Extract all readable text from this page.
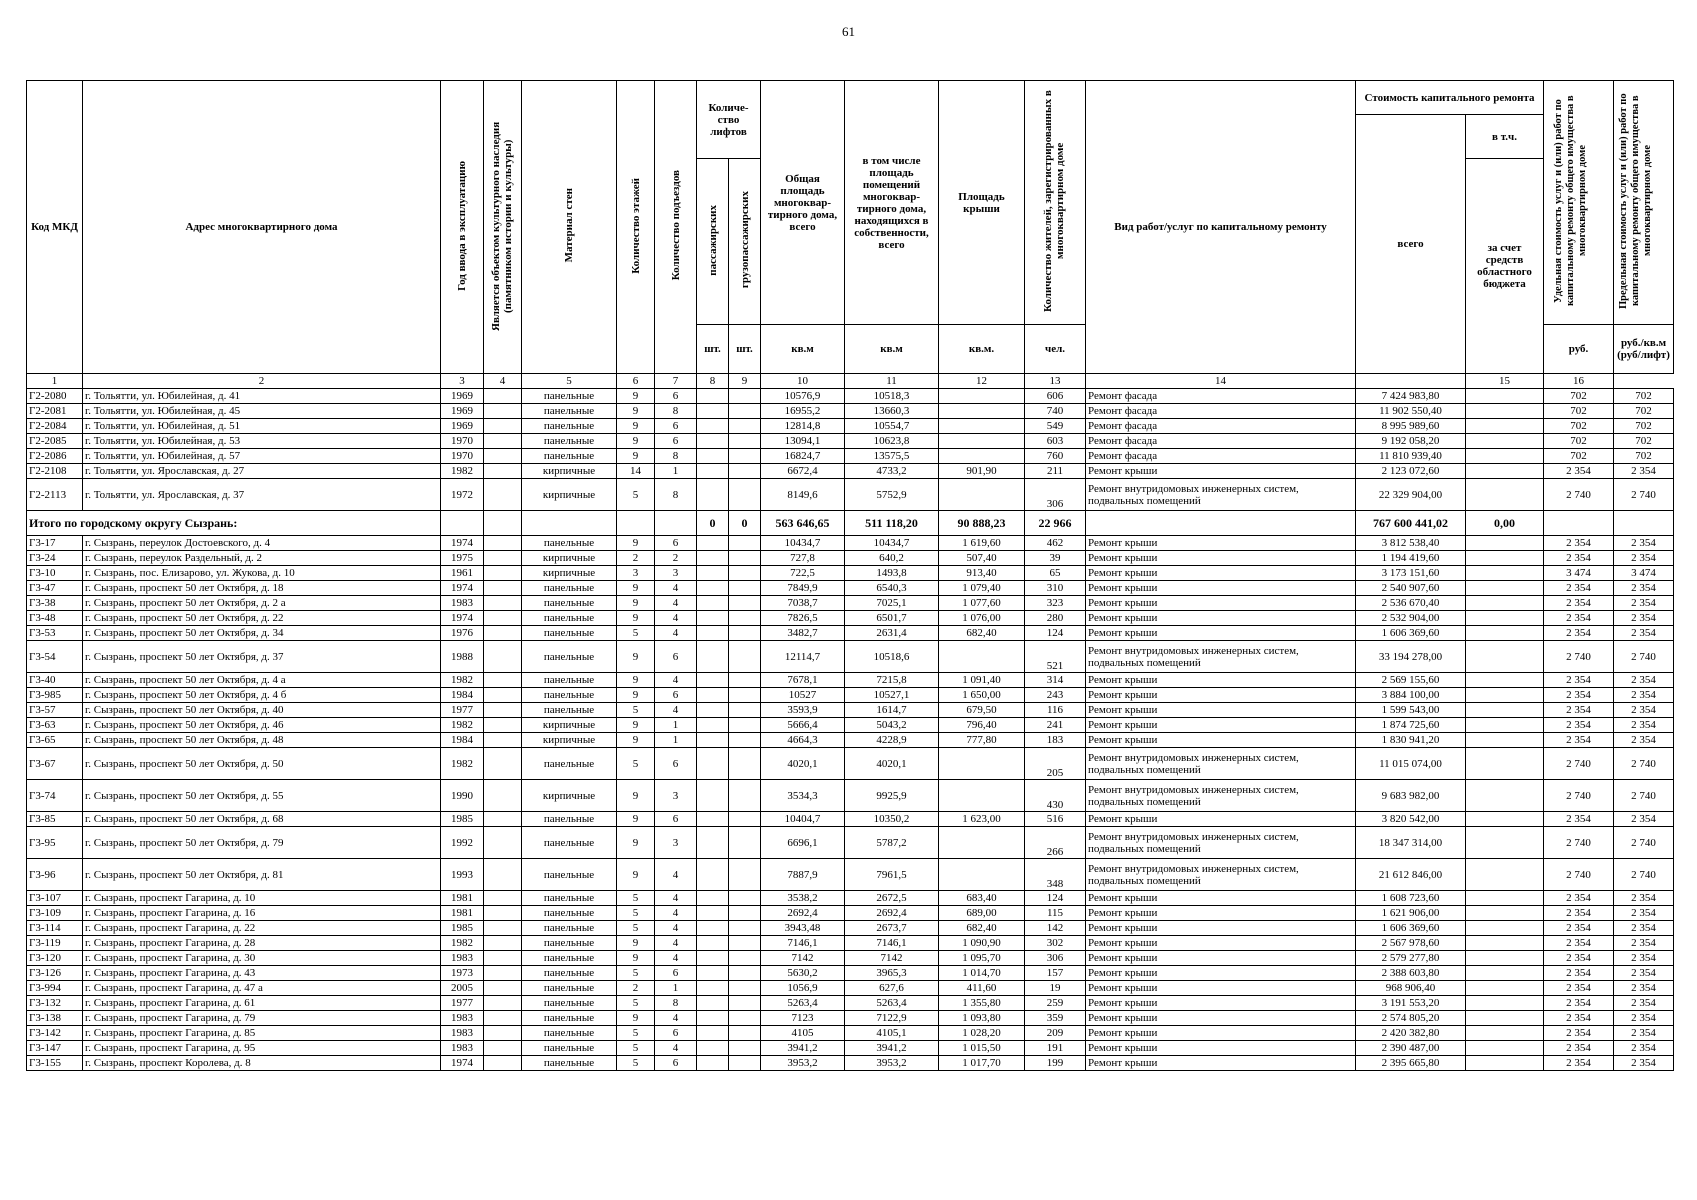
61
Код МКД	Адрес многоквартирного дома	Год ввода в эксплуатацию	Является объектом культурного наследия (памятником истории и культуры)	Материал стен	Количество этажей	Количество подъездов	Количе-ство лифтов		Общая площадь многоквар-тирного дома, всего	в том числе площадь помещений многоквар-тирного дома, находящихся в собственности, всего	Площадь крыши	Количество жителей, зарегистрированных в многоквартирном доме	Вид работ/услуг по капитальному ремонту	Стоимость капитального ремонта		Удельная стоимость услуг и (или) работ по капитальному ремонту общего имущества в многоквартирном доме	Предельная стоимость услуг и (или) работ по капитальному ремонту общего имущества в многоквартирном доме	
														всего	в т.ч.			
							пассажирских	грузопассажирских							за счет средств областного бюджета			
							шт.	шт.	кв.м	кв.м	кв.м.	чел.				руб.	руб./кв.м (руб/лифт)	
1	2	3	4	5	6	7	8	9	10	11	12	13	14		15	16		
Г2-2080	г. Тольятти, ул. Юбилейная, д. 41	1969		панельные	9	6			10576,9	10518,3		606	Ремонт фасада	7 424 983,80		702	702	
Г2-2081	г. Тольятти, ул. Юбилейная, д. 45	1969		панельные	9	8			16955,2	13660,3		740	Ремонт фасада	11 902 550,40		702	702	
Г2-2084	г. Тольятти, ул. Юбилейная, д. 51	1969		панельные	9	6			12814,8	10554,7		549	Ремонт фасада	8 995 989,60		702	702	
Г2-2085	г. Тольятти, ул. Юбилейная, д. 53	1970		панельные	9	6			13094,1	10623,8		603	Ремонт фасада	9 192 058,20		702	702	
Г2-2086	г. Тольятти, ул. Юбилейная, д. 57	1970		панельные	9	8			16824,7	13575,5		760	Ремонт фасада	11 810 939,40		702	702	
Г2-2108	г. Тольятти, ул. Ярославская, д. 27	1982		кирпичные	14	1			6672,4	4733,2	901,90	211	Ремонт крыши	2 123 072,60		2 354	2 354	
Г2-2113	г. Тольятти, ул. Ярославская, д. 37	1972		кирпичные	5	8			8149,6	5752,9		306	Ремонт внутридомовых инженерных систем, подвальных помещений	22 329 904,00		2 740	2 740	
Итого по городскому округу Сызрань:							0	0	563 646,65	511 118,20	90 888,23	22 966		767 600 441,02	0,00			
Г3-17	г. Сызрань, переулок Достоевского, д. 4	1974		панельные	9	6			10434,7	10434,7	1 619,60	462	Ремонт крыши	3 812 538,40		2 354	2 354	
Г3-24	г. Сызрань, переулок Раздельный, д. 2	1975		кирпичные	2	2			727,8	640,2	507,40	39	Ремонт крыши	1 194 419,60		2 354	2 354	
Г3-10	г. Сызрань, пос. Елизарово, ул. Жукова, д. 10	1961		кирпичные	3	3			722,5	1493,8	913,40	65	Ремонт крыши	3 173 151,60		3 474	3 474	
Г3-47	г. Сызрань, проспект 50 лет Октября, д. 18	1974		панельные	9	4			7849,9	6540,3	1 079,40	310	Ремонт крыши	2 540 907,60		2 354	2 354	
Г3-38	г. Сызрань, проспект 50 лет Октября, д. 2 а	1983		панельные	9	4			7038,7	7025,1	1 077,60	323	Ремонт крыши	2 536 670,40		2 354	2 354	
Г3-48	г. Сызрань, проспект 50 лет Октября, д. 22	1974		панельные	9	4			7826,5	6501,7	1 076,00	280	Ремонт крыши	2 532 904,00		2 354	2 354	
Г3-53	г. Сызрань, проспект 50 лет Октября, д. 34	1976		панельные	5	4			3482,7	2631,4	682,40	124	Ремонт крыши	1 606 369,60		2 354	2 354	
Г3-54	г. Сызрань, проспект 50 лет Октября, д. 37	1988		панельные	9	6			12114,7	10518,6		521	Ремонт внутридомовых инженерных систем, подвальных помещений	33 194 278,00		2 740	2 740	
Г3-40	г. Сызрань, проспект 50 лет Октября, д. 4 а	1982		панельные	9	4			7678,1	7215,8	1 091,40	314	Ремонт крыши	2 569 155,60		2 354	2 354	
Г3-985	г. Сызрань, проспект 50 лет Октября, д. 4 б	1984		панельные	9	6			10527	10527,1	1 650,00	243	Ремонт крыши	3 884 100,00		2 354	2 354	
Г3-57	г. Сызрань, проспект 50 лет Октября, д. 40	1977		панельные	5	4			3593,9	1614,7	679,50	116	Ремонт крыши	1 599 543,00		2 354	2 354	
Г3-63	г. Сызрань, проспект 50 лет Октября, д. 46	1982		кирпичные	9	1			5666,4	5043,2	796,40	241	Ремонт крыши	1 874 725,60		2 354	2 354	
Г3-65	г. Сызрань, проспект 50 лет Октября, д. 48	1984		кирпичные	9	1			4664,3	4228,9	777,80	183	Ремонт крыши	1 830 941,20		2 354	2 354	
Г3-67	г. Сызрань, проспект 50 лет Октября, д. 50	1982		панельные	5	6			4020,1	4020,1		205	Ремонт внутридомовых инженерных систем, подвальных помещений	11 015 074,00		2 740	2 740	
Г3-74	г. Сызрань, проспект 50 лет Октября, д. 55	1990		кирпичные	9	3			3534,3	9925,9		430	Ремонт внутридомовых инженерных систем, подвальных помещений	9 683 982,00		2 740	2 740	
Г3-85	г. Сызрань, проспект 50 лет Октября, д. 68	1985		панельные	9	6			10404,7	10350,2	1 623,00	516	Ремонт крыши	3 820 542,00		2 354	2 354	
Г3-95	г. Сызрань, проспект 50 лет Октября, д. 79	1992		панельные	9	3			6696,1	5787,2		266	Ремонт внутридомовых инженерных систем, подвальных помещений	18 347 314,00		2 740	2 740	
Г3-96	г. Сызрань, проспект 50 лет Октября, д. 81	1993		панельные	9	4			7887,9	7961,5		348	Ремонт внутридомовых инженерных систем, подвальных помещений	21 612 846,00		2 740	2 740	
Г3-107	г. Сызрань, проспект Гагарина, д. 10	1981		панельные	5	4			3538,2	2672,5	683,40	124	Ремонт крыши	1 608 723,60		2 354	2 354	
Г3-109	г. Сызрань, проспект Гагарина, д. 16	1981		панельные	5	4			2692,4	2692,4	689,00	115	Ремонт крыши	1 621 906,00		2 354	2 354	
Г3-114	г. Сызрань, проспект Гагарина, д. 22	1985		панельные	5	4			3943,48	2673,7	682,40	142	Ремонт крыши	1 606 369,60		2 354	2 354	
Г3-119	г. Сызрань, проспект Гагарина, д. 28	1982		панельные	9	4			7146,1	7146,1	1 090,90	302	Ремонт крыши	2 567 978,60		2 354	2 354	
Г3-120	г. Сызрань, проспект Гагарина, д. 30	1983		панельные	9	4			7142	7142	1 095,70	306	Ремонт крыши	2 579 277,80		2 354	2 354	
Г3-126	г. Сызрань, проспект Гагарина, д. 43	1973		панельные	5	6			5630,2	3965,3	1 014,70	157	Ремонт крыши	2 388 603,80		2 354	2 354	
Г3-994	г. Сызрань, проспект Гагарина, д. 47 а	2005		панельные	2	1			1056,9	627,6	411,60	19	Ремонт крыши	968 906,40		2 354	2 354	
Г3-132	г. Сызрань, проспект Гагарина, д. 61	1977		панельные	5	8			5263,4	5263,4	1 355,80	259	Ремонт крыши	3 191 553,20		2 354	2 354	
Г3-138	г. Сызрань, проспект Гагарина, д. 79	1983		панельные	9	4			7123	7122,9	1 093,80	359	Ремонт крыши	2 574 805,20		2 354	2 354	
Г3-142	г. Сызрань, проспект Гагарина, д. 85	1983		панельные	5	6			4105	4105,1	1 028,20	209	Ремонт крыши	2 420 382,80		2 354	2 354	
Г3-147	г. Сызрань, проспект Гагарина, д. 95	1983		панельные	5	4			3941,2	3941,2	1 015,50	191	Ремонт крыши	2 390 487,00		2 354	2 354	
Г3-155	г. Сызрань, проспект Королева, д. 8	1974		панельные	5	6			3953,2	3953,2	1 017,70	199	Ремонт крыши	2 395 665,80		2 354	2 354	
